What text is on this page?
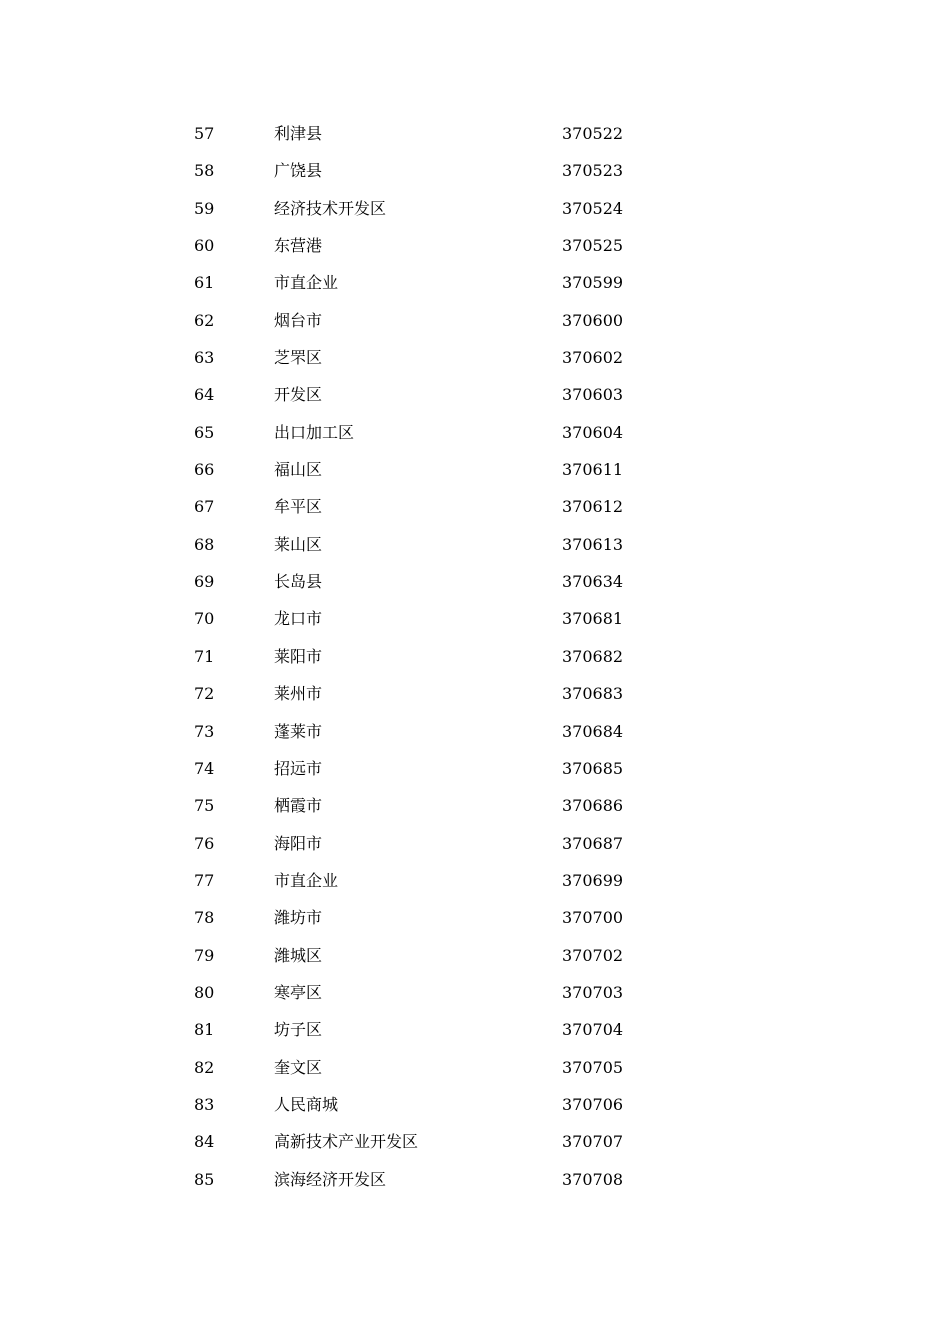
57	利津县	370522
58	广饶县	370523
59	经济技术开发区	370524
60	东营港	370525
61	市直企业	370599
62	烟台市	370600
63	芝罘区	370602
64	开发区	370603
65	出口加工区	370604
66	福山区	370611
67	牟平区	370612
68	莱山区	370613
69	长岛县	370634
70	龙口市	370681
71	莱阳市	370682
72	莱州市	370683
73	蓬莱市	370684
74	招远市	370685
75	栖霞市	370686
76	海阳市	370687
77	市直企业	370699
78	潍坊市	370700
79	潍城区	370702
80	寒亭区	370703
81	坊子区	370704
82	奎文区	370705
83	人民商城	370706
84	高新技术产业开发区	370707
85	滨海经济开发区	370708
